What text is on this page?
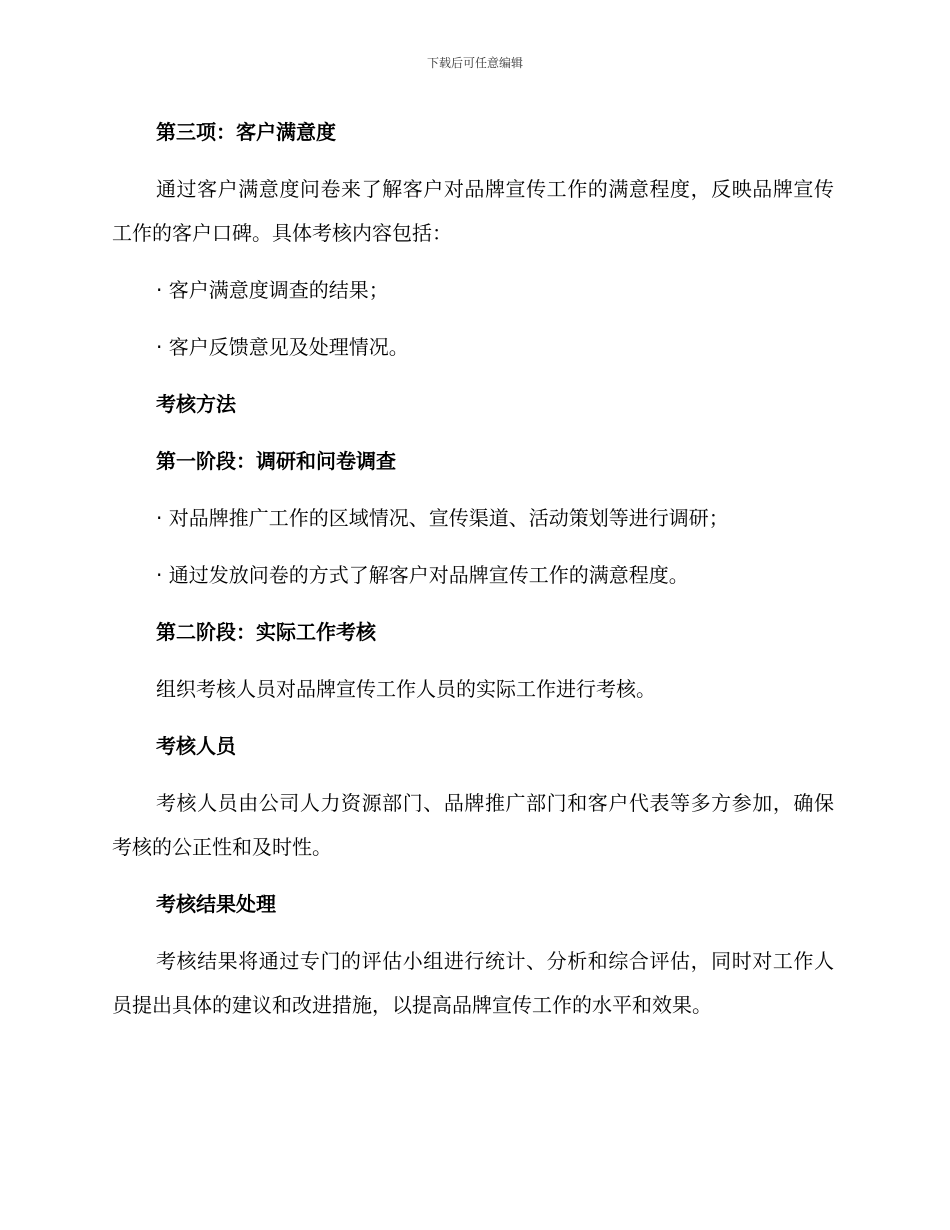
下载后可任意编辑

第三项：客户满意度

通过客户满意度问卷来了解客户对品牌宣传工作的满意程度，反映品牌宣传工作的客户口碑。具体考核内容包括：

· 客户满意度调查的结果；

· 客户反馈意见及处理情况。

考核方法

第一阶段：调研和问卷调查

· 对品牌推广工作的区域情况、宣传渠道、活动策划等进行调研；

· 通过发放问卷的方式了解客户对品牌宣传工作的满意程度。

第二阶段：实际工作考核

组织考核人员对品牌宣传工作人员的实际工作进行考核。

考核人员

考核人员由公司人力资源部门、品牌推广部门和客户代表等多方参加，确保考核的公正性和及时性。

考核结果处理

考核结果将通过专门的评估小组进行统计、分析和综合评估，同时对工作人员提出具体的建议和改进措施，以提高品牌宣传工作的水平和效果。
